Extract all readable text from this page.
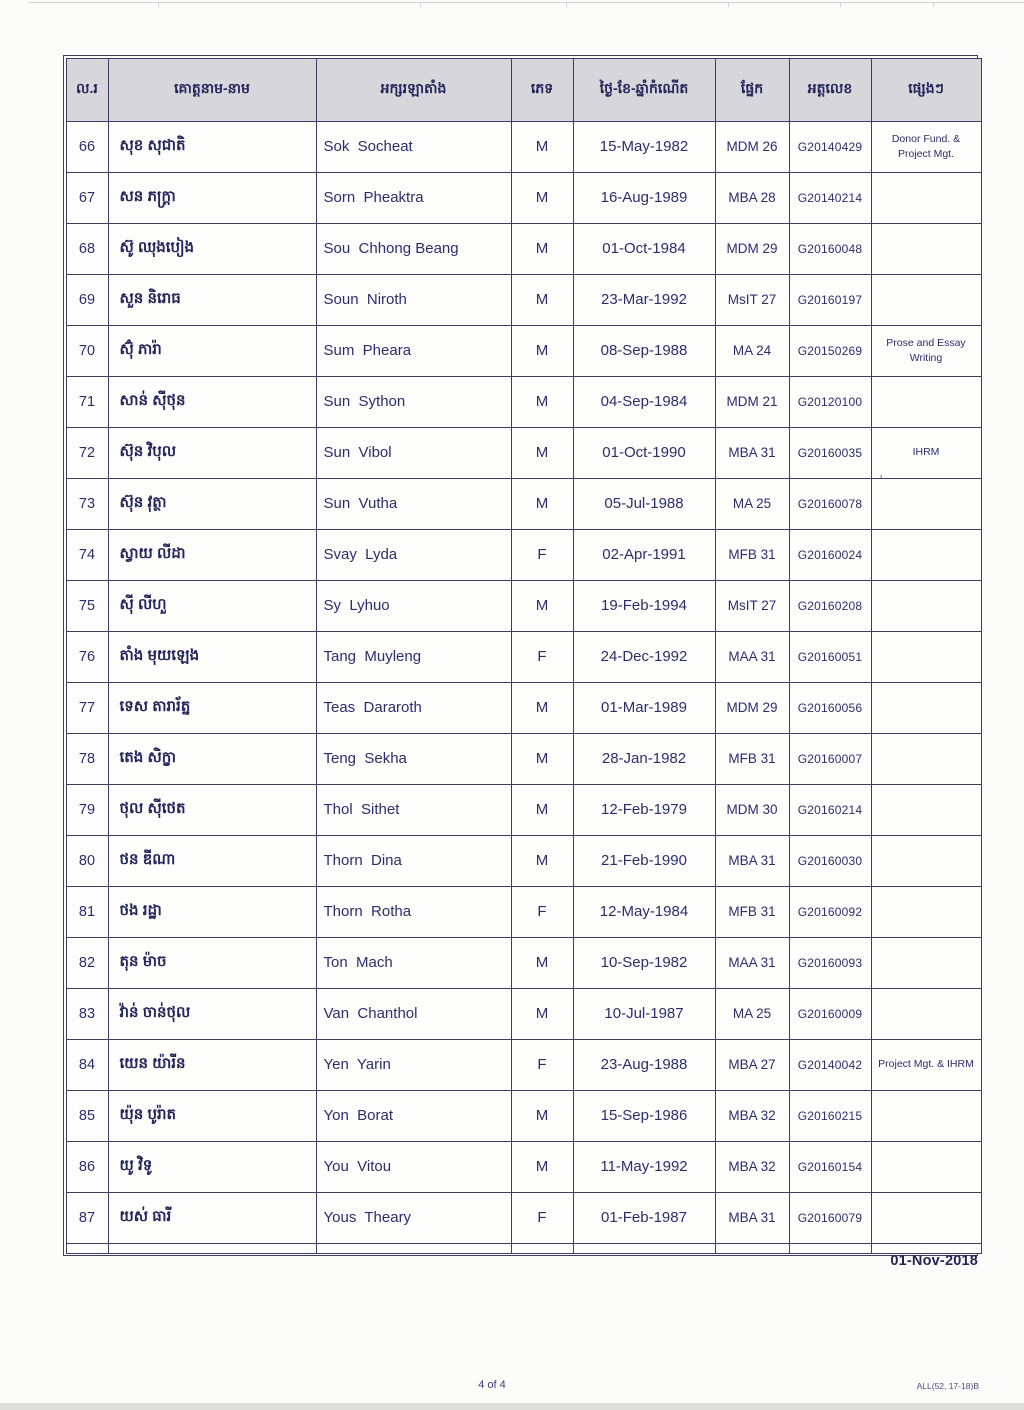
ល.រ	គោត្តនាម-នាម	អក្សរឡាតាំង	ភេទ	ថ្ងៃ-ខែ-ឆ្នាំកំណើត	ផ្នែក	អត្តលេខ	ផ្សេងៗ
66	សុខ សុជាតិ	Sok  Socheat	M	15-May-1982	MDM 26	G20140429	Donor Fund. & Project Mgt.
67	សន ភក្ត្រា	Sorn  Pheaktra	M	16-Aug-1989	MBA 28	G20140214	
68	ស៊ូ ឈុងបៀង	Sou  Chhong Beang	M	01-Oct-1984	MDM 29	G20160048	
69	សួន និរោធ	Soun  Niroth	M	23-Mar-1992	MsIT 27	G20160197	
70	ស៊ុំ ភារ៉ា	Sum  Pheara	M	08-Sep-1988	MA 24	G20150269	Prose and Essay Writing
71	សាន់ ស៊ីថុន	Sun  Sython	M	04-Sep-1984	MDM 21	G20120100	
72	ស៊ុន វិបុល	Sun  Vibol	M	01-Oct-1990	MBA 31	G20160035	IHRM
73	ស៊ុន វុត្ថា	Sun  Vutha	M	05-Jul-1988	MA 25	G20160078	
74	ស្វាយ លីដា	Svay  Lyda	F	02-Apr-1991	MFB 31	G20160024	
75	ស៊ី លីហួ	Sy  Lyhuo	M	19-Feb-1994	MsIT 27	G20160208	
76	តាំង មុយឡេង	Tang  Muyleng	F	24-Dec-1992	MAA 31	G20160051	
77	ទេស តារារ័ត្ន	Teas  Dararoth	M	01-Mar-1989	MDM 29	G20160056	
78	តេង សិក្ខា	Teng  Sekha	M	28-Jan-1982	MFB 31	G20160007	
79	ថុល ស៊ីថេត	Thol  Sithet	M	12-Feb-1979	MDM 30	G20160214	
80	ថន ឌីណា	Thorn  Dina	M	21-Feb-1990	MBA 31	G20160030	
81	ថង រដ្ឋា	Thorn  Rotha	F	12-May-1984	MFB 31	G20160092	
82	តុន ម៉ាច	Ton  Mach	M	10-Sep-1982	MAA 31	G20160093	
83	វ៉ាន់ ចាន់ថុល	Van  Chanthol	M	10-Jul-1987	MA 25	G20160009	
84	យេន យ៉ារីន	Yen  Yarin	F	23-Aug-1988	MBA 27	G20140042	Project Mgt. & IHRM
85	យ៉ុន បូរ៉ាត	Yon  Borat	M	15-Sep-1986	MBA 32	G20160215	
86	យូ វិទូ	You  Vitou	M	11-May-1992	MBA 32	G20160154	
87	យស់ ធារី	Yous  Theary	F	01-Feb-1987	MBA 31	G20160079	

’
01-Nov-2018
4 of 4	ALL(52, 17-18)B
